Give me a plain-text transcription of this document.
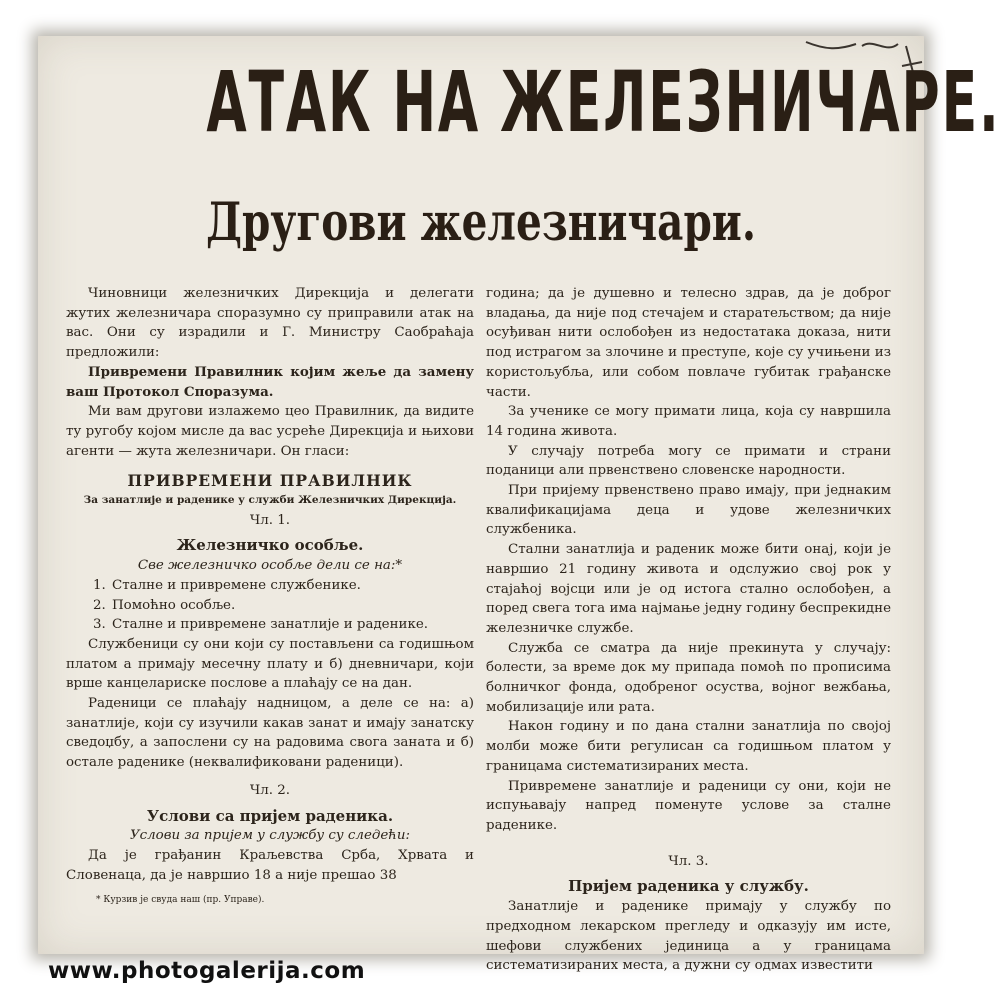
АТАК НА ЖЕЛЕЗНИЧАРЕ.
Другови железничари.

Чиновници железничких Дирекција и делегати жутих железничара споразумно су приправили атак на вас. Они су израдили и Г. Министру Саобраћаја предложили:

Привремени Правилник којим жеље да замену ваш Протокол Споразума.

Ми вам другови излажемо цео Правилник, да видите ту ругобу којом мисле да вас усреће Дирекција и њихови агенти — жута железничари. Он гласи:

ПРИВРЕМЕНИ ПРАВИЛНИК

За занатлије и раденике у служби Железничких Дирекција.

Чл. 1.

Железничко особље.

Све железничко особље дели се на:*

1. Сталне и привремене службенике.
2. Помоћно особље.
3. Сталне и привремене занатлије и раденике.

Службеници су они који су постављени са годишњом платом а примају месечну плату и б) дневничари, који врше канцелариске послове а плаћају се на дан.

Радeници се плаћају надницом, а деле се на: а) занатлије, који су изучили какав занат и имају занатску сведоџбу, а запослени су на радовима свога заната и б) остале раденике (неквалификовани раденици).

Чл. 2.

Услови са пријем раденика.

Услови за пријем у службу су следећи:

Да је грађанин Краљевства Срба, Хрвата и Словенаца, да је навршио 18 а није прешао 38

* Курзив је свуда наш (пр. Управе).

година; да је душевно и телесно здрав, да је доброг владања, да није под стечајем и старатељством; да није осуђиван нити ослобођен из недостатака доказа, нити под истрагом за злочине и преступе, које су учињени из користољубља, или собом повлаче губитак грађанске части.

За ученике се могу примати лица, која су навршила 14 година живота.

У случају потреба могу се примати и страни поданици али првенствено словенске народности.

При пријему првенствено право имају, при једнаким квалификацијама деца и удове железничких службеника.

Стални занатлија и раденик може бити онај, који је навршио 21 годину живота и одслужио свој рок у стајаћој војсци или је од истога стално ослобођен, а поред свега тога има најмање једну годину беспрекидне железничке службе.

Служба се сматра да није прекинута у случају: болести, за време док му припада помоћ по прописима болничког фонда, одобреног осуства, војног вежбања, мобилизације или рата.

Након годину и по дана стални занатлија по својој молби може бити регулисан са годишњом платом у границама систематизираних места.

Привремене занатлије и раденици су они, који не испуњавају напред поменуте услове за сталне раденике.

Чл. 3.

Пријем раденика у службу.

Занатлије и раденике примају у службу по предходном лекарском прегледу и одказују им исте, шефови службених јединица а у границама систематизираних места, а дужни су одмах известити

www.photogalerija.com
